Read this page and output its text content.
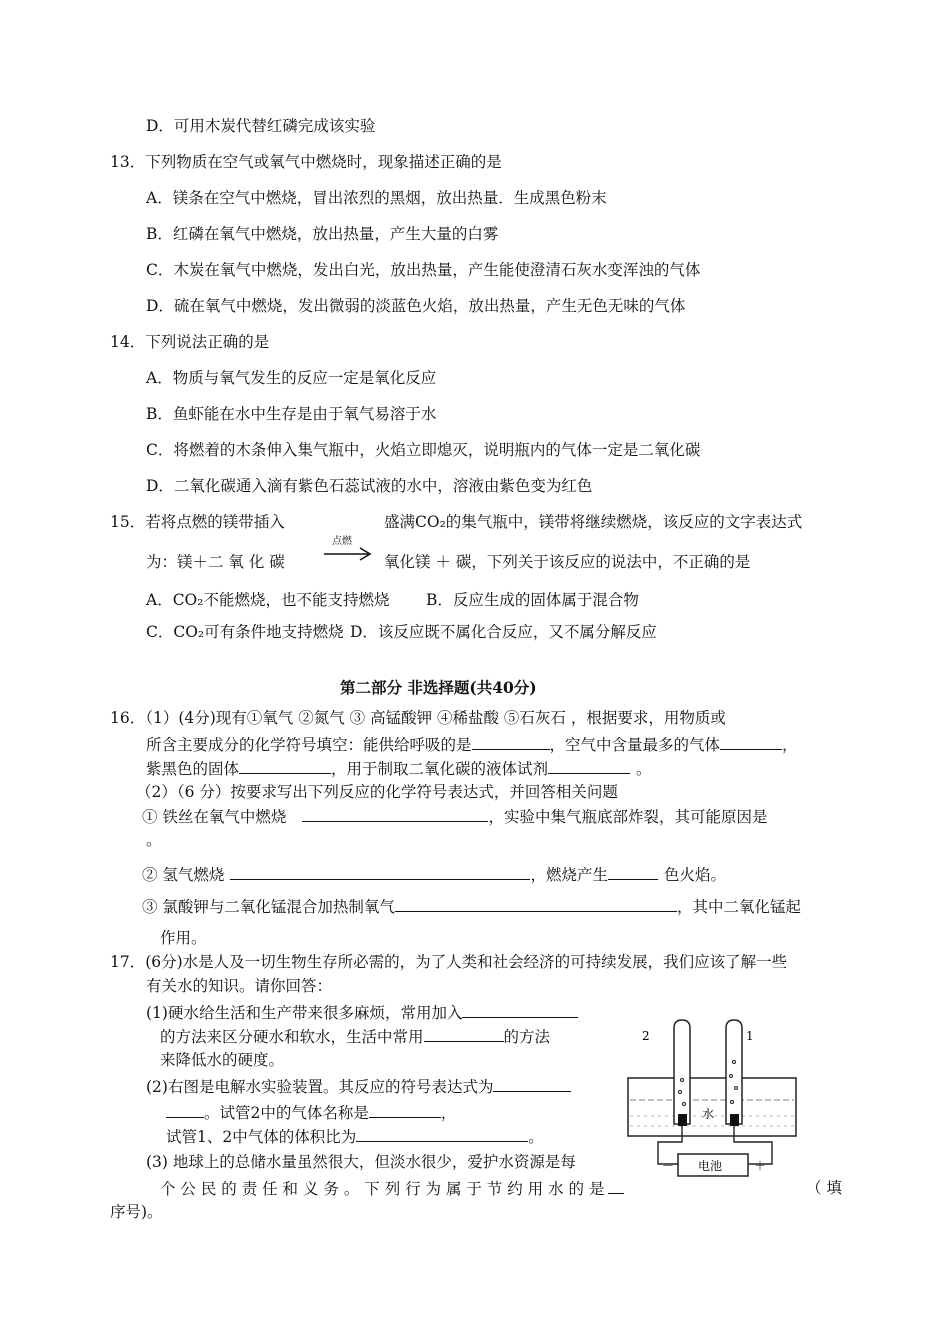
D．可用木炭代替红磷完成该实验
13．下列物质在空气或氧气中燃烧时，现象描述正确的是
A．镁条在空气中燃烧，冒出浓烈的黑烟，放出热量．生成黑色粉末
B．红磷在氧气中燃烧，放出热量，产生大量的白雾
C．木炭在氧气中燃烧，发出白光，放出热量，产生能使澄清石灰水变浑浊的气体
D．硫在氧气中燃烧，发出微弱的淡蓝色火焰，放出热量，产生无色无味的气体
14．下列说法正确的是
A．物质与氧气发生的反应一定是氧化反应
B．鱼虾能在水中生存是由于氧气易溶于水
C．将燃着的木条伸入集气瓶中，火焰立即熄灭，说明瓶内的气体一定是二氧化碳
D．二氧化碳通入滴有紫色石蕊试液的水中，溶液由紫色变为红色
15．若将点燃的镁带插入	盛满CO₂的集气瓶中，镁带将继续燃烧，该反应的文字表达式
为：镁＋二 氧 化 碳
点燃
→ 氧化镁 ＋ 碳，下列关于该反应的说法中，不正确的是
A．CO₂不能燃烧，也不能支持燃烧 B．反应生成的固体属于混合物
C．CO₂可有条件地支持燃烧 D．该反应既不属化合反应，又不属分解反应
第二部分 非选择题(共40分)
16．（1）(4分)现有①氧气 ②氮气 ③ 高锰酸钾 ④稀盐酸 ⑤石灰石 ，根据要求，用物质或
所含主要成分的化学符号填空：能供给呼吸的是	，空气中含量最多的气体	，
紫黑色的固体	，用于制取二氧化碳的液体试剂	。
（2）（6 分）按要求写出下列反应的化学符号表达式，并回答相关问题
① 铁丝在氧气中燃烧	，实验中集气瓶底部炸裂，其可能原因是
。
② 氢气燃烧	，燃烧产生	色火焰。
③ 氯酸钾与二氧化锰混合加热制氧气	，其中二氧化锰起
作用。
17．(6分)水是人及一切生物生存所必需的，为了人类和社会经济的可持续发展，我们应该了解一些
有关水的知识。请你回答：
(1)硬水给生活和生产带来很多麻烦，常用加入
的方法来区分硬水和软水，生活中常用	的方法
来降低水的硬度。
(2)右图是电解水实验装置。其反应的符号表达式为
。试管2中的气体名称是	，
试管1、2中气体的体积比为	。
(3) 地球上的总储水量虽然很大，但淡水很少，爱护水资源是每
个 公 民 的 责 任 和 义 务 。 下 列 行 为 属 于 节 约 用 水 的 是	（ 填
序号)。
2	1
水
电池
－	＋
